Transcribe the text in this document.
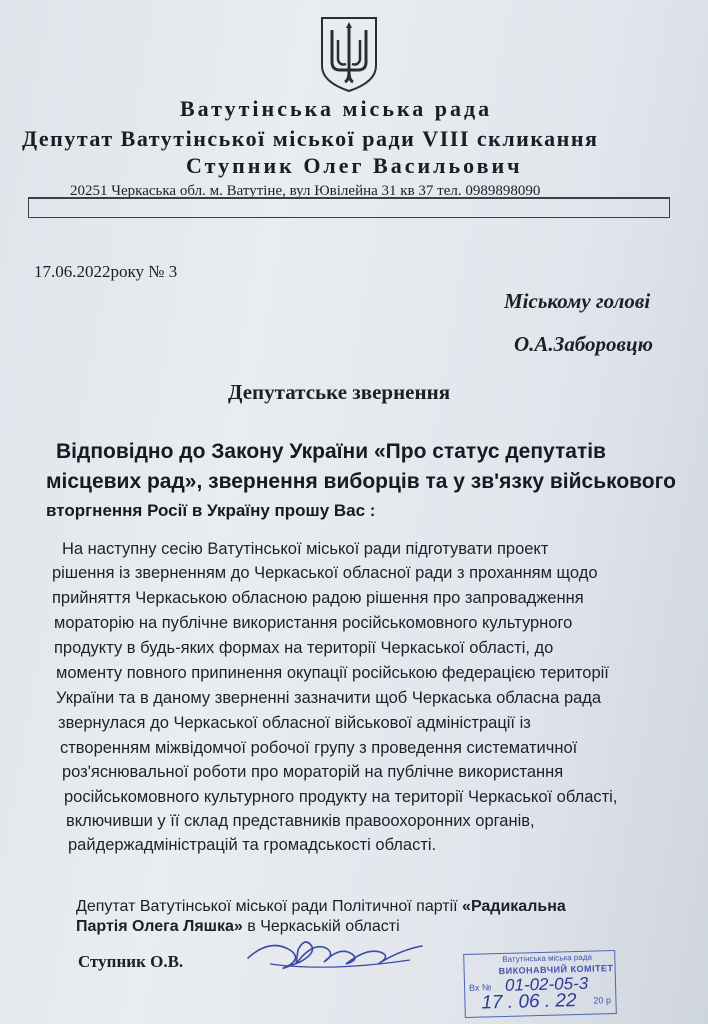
Ватутінська міська рада
Депутат Ватутінської міської ради VIII скликання
Ступник Олег Васильович
20251 Черкаська обл. м. Ватутіне, вул Ювілейна 31 кв 37 тел. 0989898090
17.06.2022року № 3
Міському голові
О.А.Заборовцю
Депутатське звернення
Відповідно до Закону України «Про статус депутатів
місцевих рад», звернення виборців та у зв'язку військового
вторгнення Росії в Україну прошу Вас :
На наступну сесію Ватутінської міської ради підготувати проект
рішення із зверненням до Черкаської обласної ради з проханням щодо
прийняття Черкаською обласною радою рішення про запровадження
мораторію на публічне використання російськомовного культурного
продукту в будь-яких формах на території Черкаської області, до
моменту повного припинення окупації російською федерацією території
України та в даному зверненні зазначити щоб Черкаська обласна рада
звернулася до Черкаської обласної військової адміністрації із
створенням міжвідомчої робочої групу з проведення систематичної
роз'яснювальної роботи про мораторій на публічне використання
російськомовного культурного продукту на території Черкаської області,
включивши у її склад представників правоохоронних органів,
райдержадміністрацій та громадськості області.
Депутат Ватутінської міської ради Політичної партії «Радикальна
Партія Олега Ляшка» в Черкаській області
Ступник О.В.	Ватутінська міська рада
ВИКОНАВЧИЙ КОМІТЕТ
Вх № 01-02-05-3
17 . 06 . 22 20 р
